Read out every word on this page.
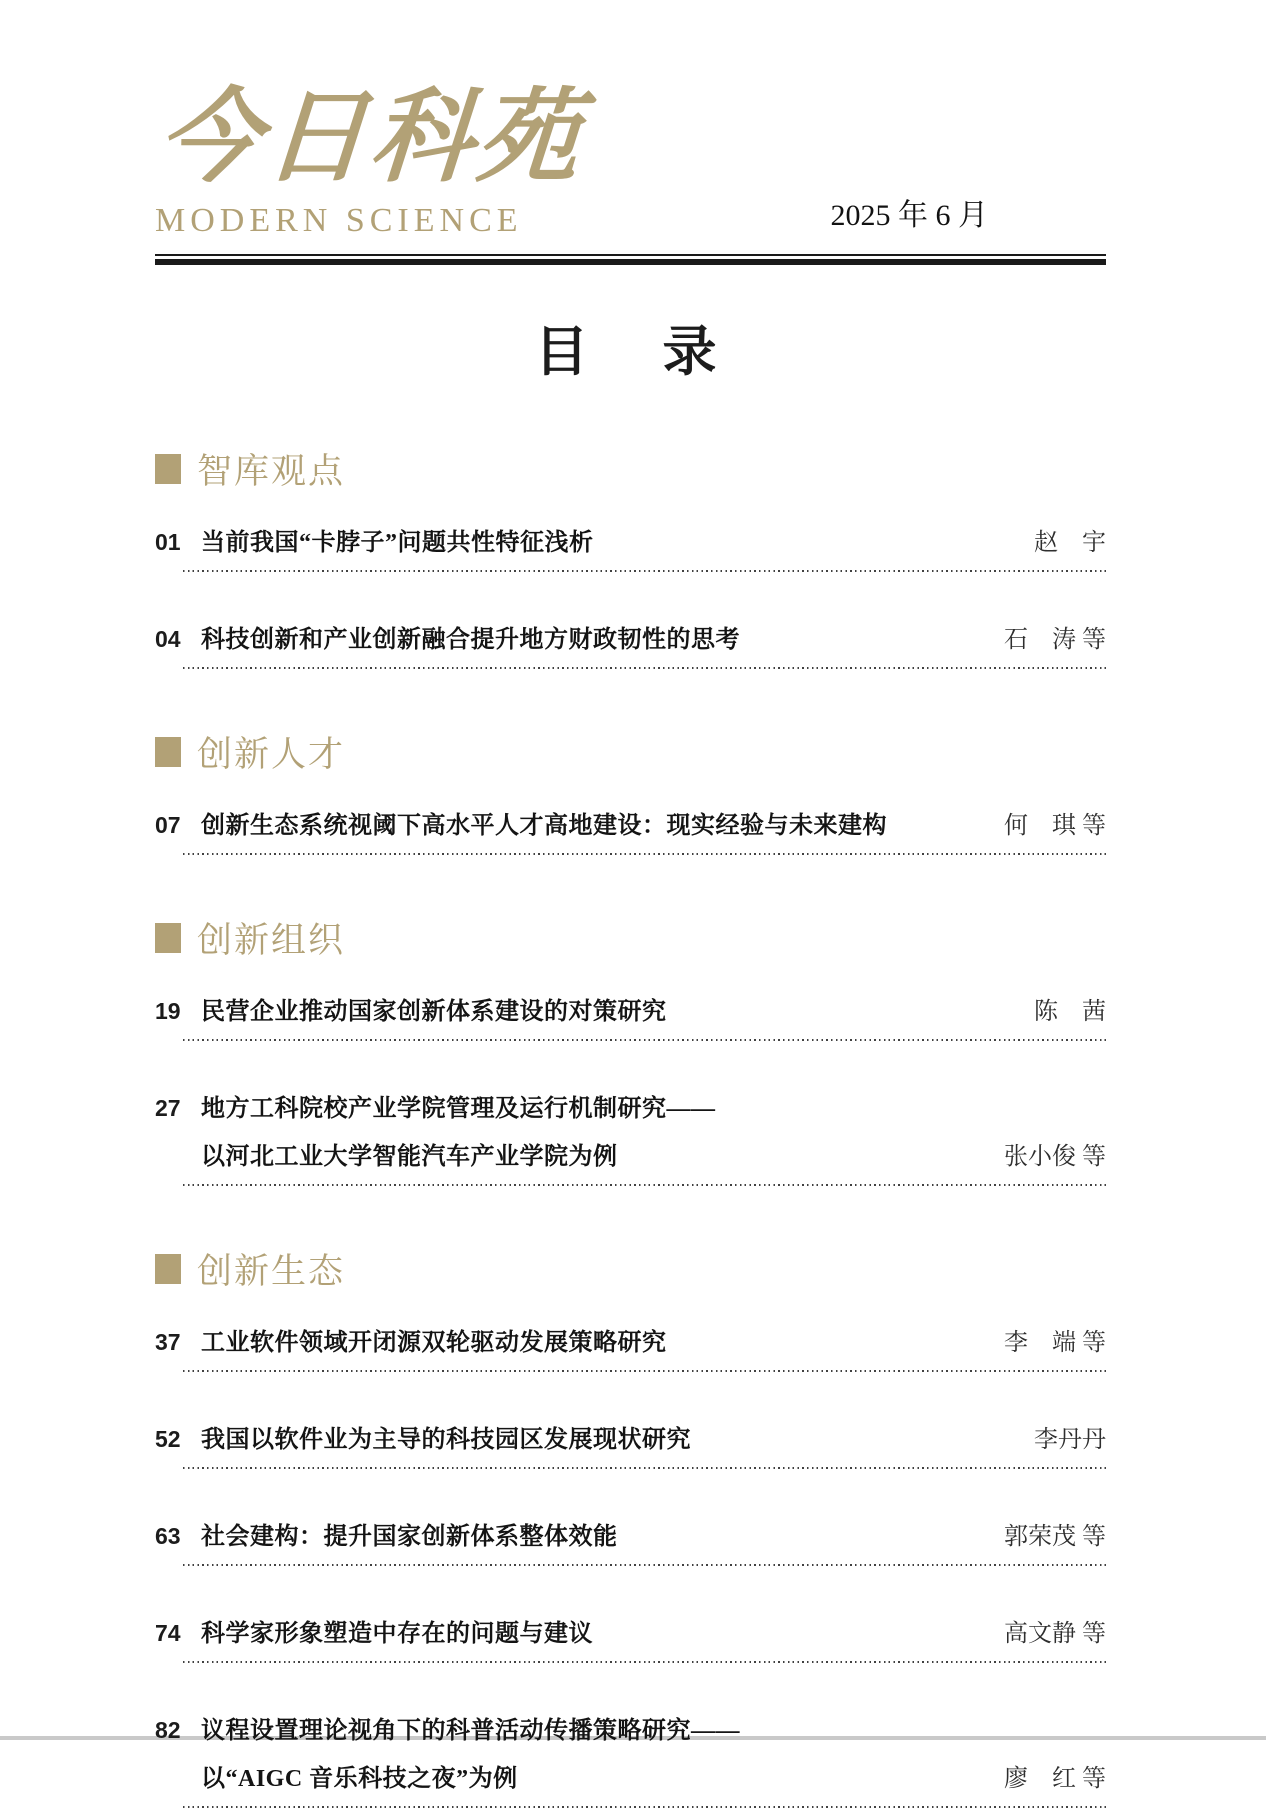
今日科苑
MODERN SCIENCE	2025 年 6 月
目　录
智库观点
01 当前我国“卡脖子”问题共性特征浅析	赵　宇
04 科技创新和产业创新融合提升地方财政韧性的思考	石　涛 等
创新人才
07 创新生态系统视阈下高水平人才高地建设：现实经验与未来建构	何　琪 等
创新组织
19 民营企业推动国家创新体系建设的对策研究	陈　茜
27 地方工科院校产业学院管理及运行机制研究——
以河北工业大学智能汽车产业学院为例	张小俊 等
创新生态
37 工业软件领域开闭源双轮驱动发展策略研究	李　端 等
52 我国以软件业为主导的科技园区发展现状研究	李丹丹
63 社会建构：提升国家创新体系整体效能	郭荣茂 等
74 科学家形象塑造中存在的问题与建议	高文静 等
82 议程设置理论视角下的科普活动传播策略研究——
以“AIGC 音乐科技之夜”为例	廖　红 等
